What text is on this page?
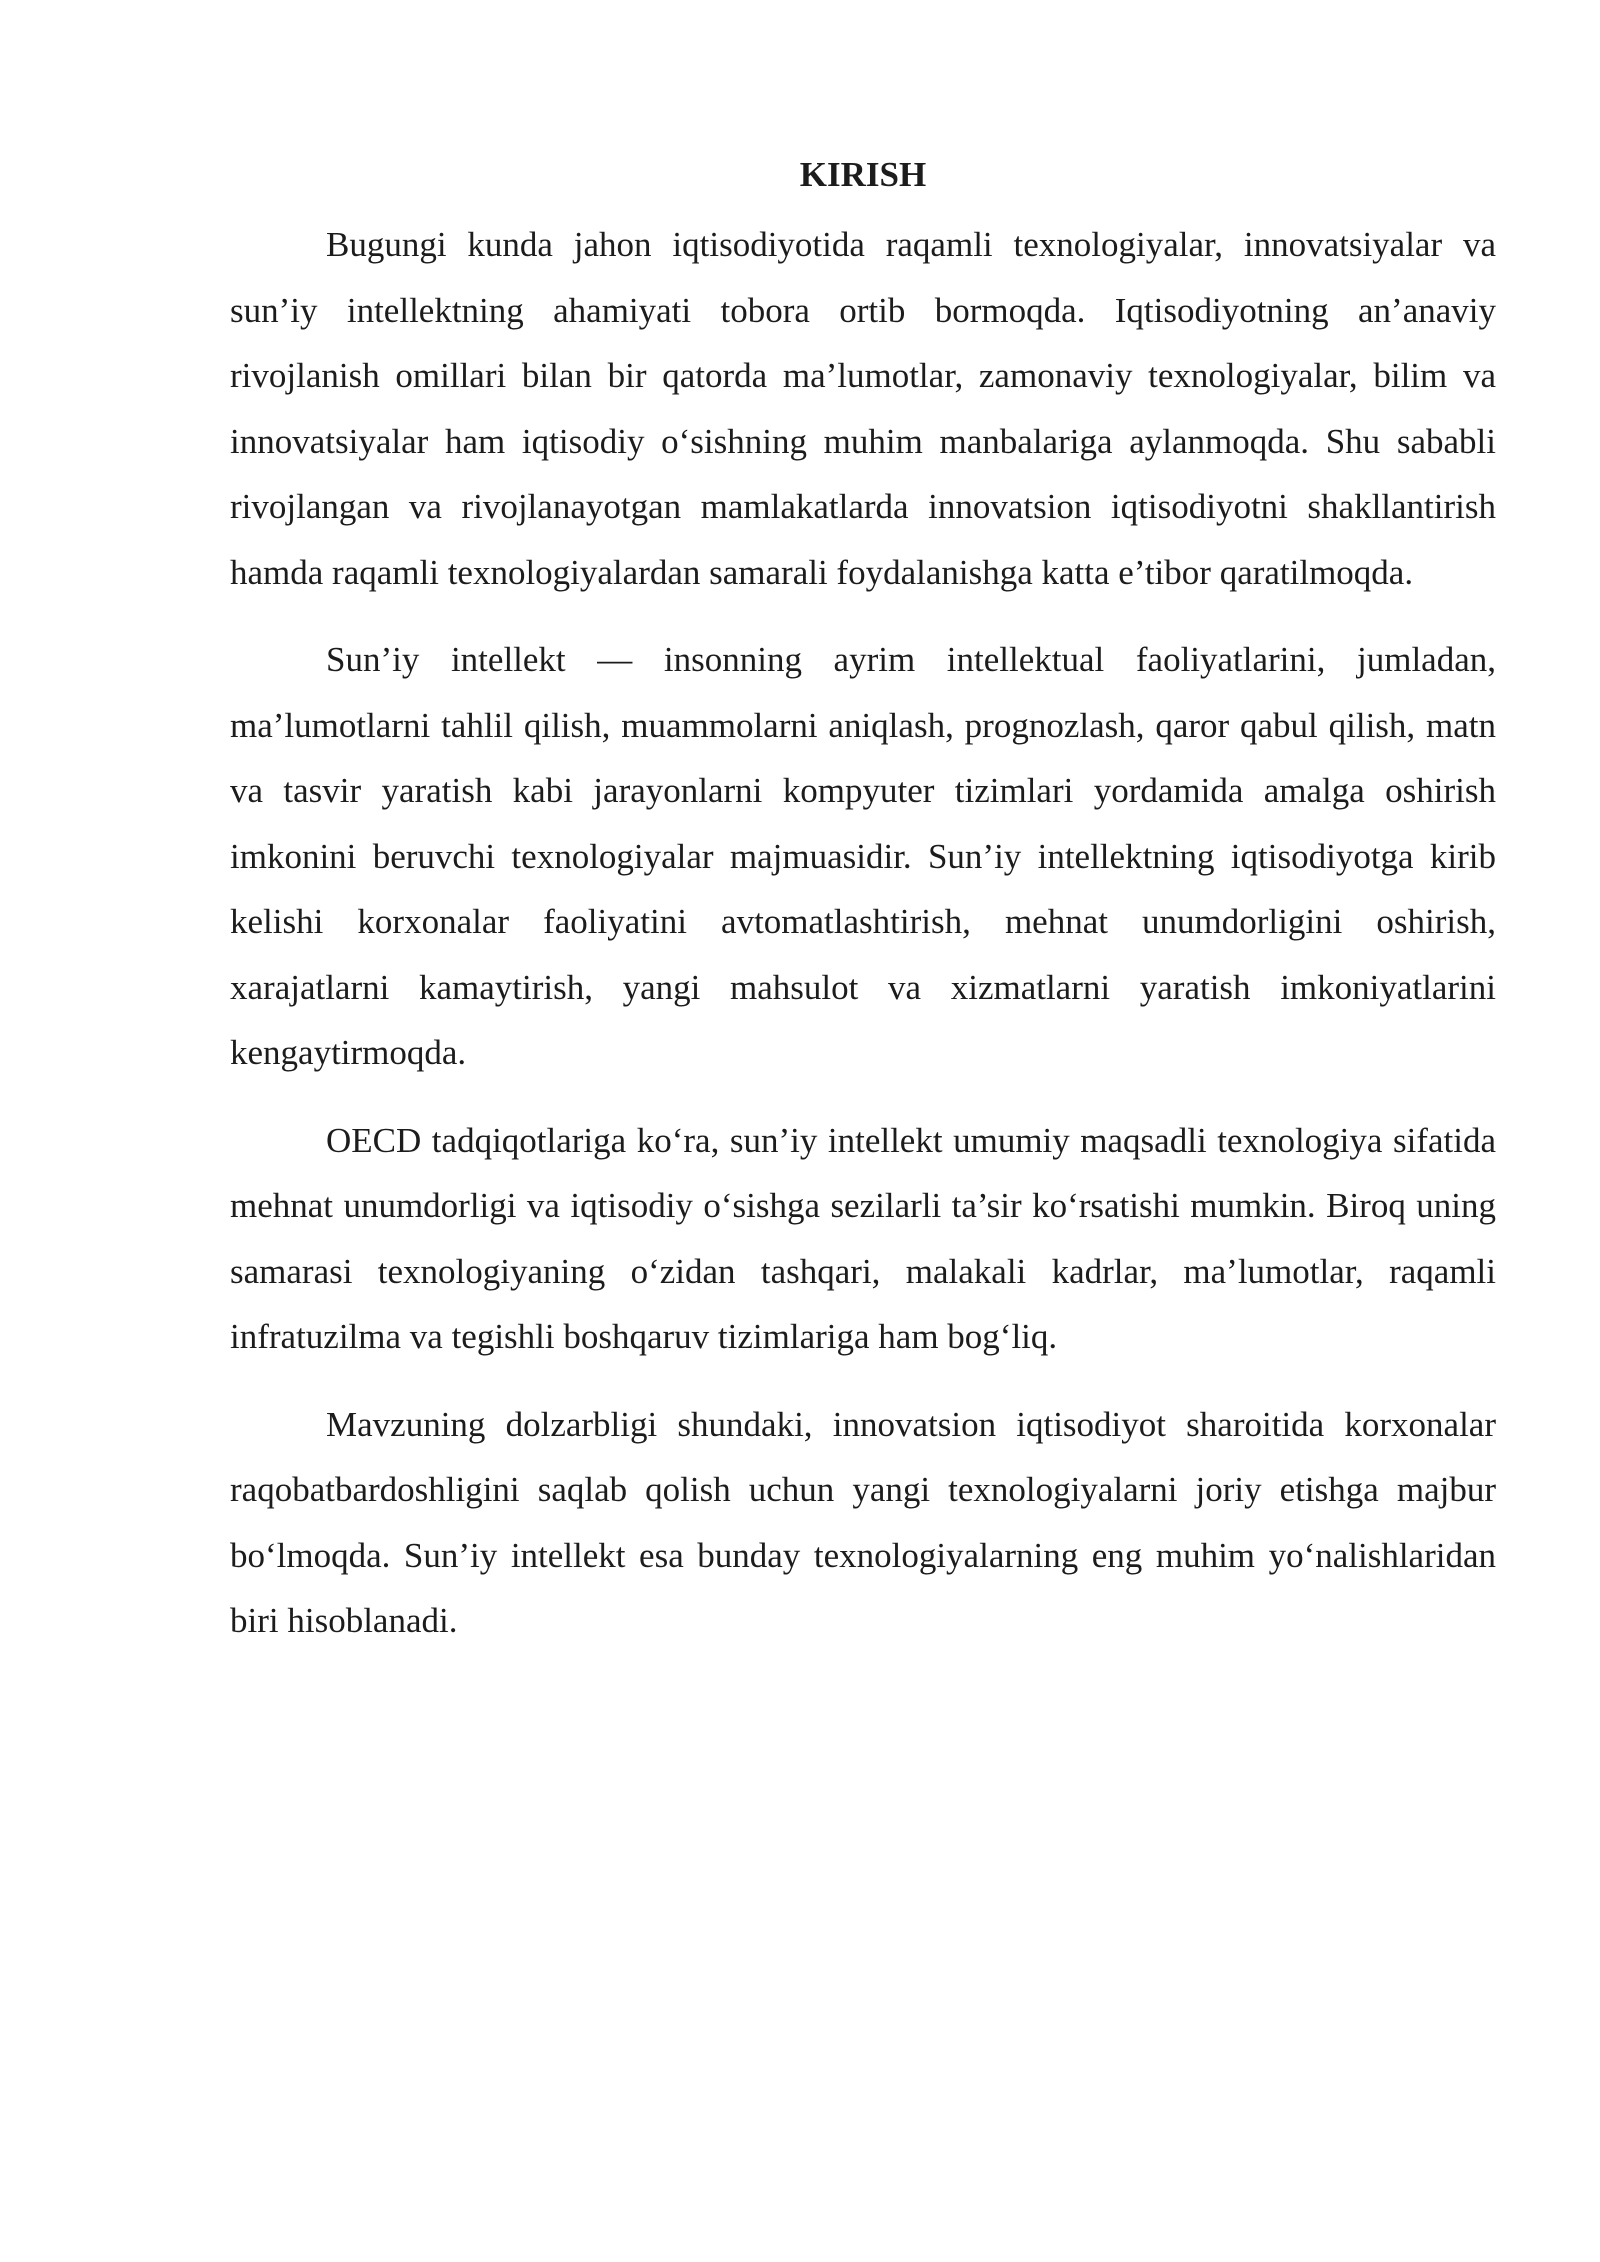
KIRISH

Bugungi kunda jahon iqtisodiyotida raqamli texnologiyalar, innovatsiyalar va sun’iy intellektning ahamiyati tobora ortib bormoqda. Iqtisodiyotning an’anaviy rivojlanish omillari bilan bir qatorda ma’lumotlar, zamonaviy texnologiyalar, bilim va innovatsiyalar ham iqtisodiy o‘sishning muhim manbalariga aylanmoqda. Shu sababli rivojlangan va rivojlanayotgan mamlakatlarda innovatsion iqtisodiyotni shakllantirish hamda raqamli texnologiyalardan samarali foydalanishga katta e’tibor qaratilmoqda.

Sun’iy intellekt — insonning ayrim intellektual faoliyatlarini, jumladan, ma’lumotlarni tahlil qilish, muammolarni aniqlash, prognozlash, qaror qabul qilish, matn va tasvir yaratish kabi jarayonlarni kompyuter tizimlari yordamida amalga oshirish imkonini beruvchi texnologiyalar majmuasidir. Sun’iy intellektning iqtisodiyotga kirib kelishi korxonalar faoliyatini avtomatlashtirish, mehnat unumdorligini oshirish, xarajatlarni kamaytirish, yangi mahsulot va xizmatlarni yaratish imkoniyatlarini kengaytirmoqda.

OECD tadqiqotlariga ko‘ra, sun’iy intellekt umumiy maqsadli texnologiya sifatida mehnat unumdorligi va iqtisodiy o‘sishga sezilarli ta’sir ko‘rsatishi mumkin. Biroq uning samarasi texnologiyaning o‘zidan tashqari, malakali kadrlar, ma’lumotlar, raqamli infratuzilma va tegishli boshqaruv tizimlariga ham bog‘liq.

Mavzuning dolzarbligi shundaki, innovatsion iqtisodiyot sharoitida korxonalar raqobatbardoshligini saqlab qolish uchun yangi texnologiyalarni joriy etishga majbur bo‘lmoqda. Sun’iy intellekt esa bunday texnologiyalarning eng muhim yo‘nalishlaridan biri hisoblanadi.
